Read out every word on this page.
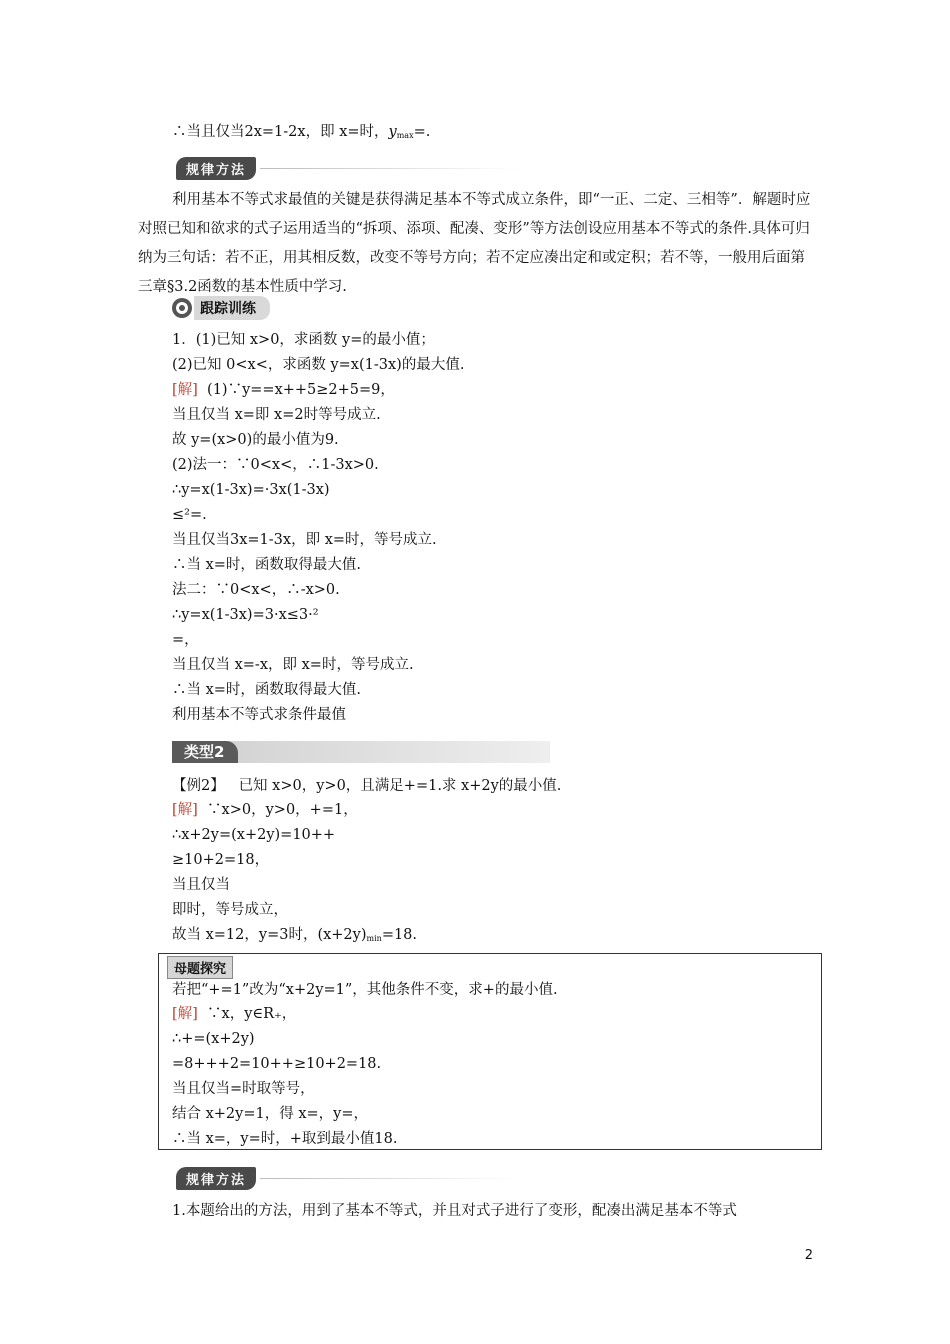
∴当且仅当2x=1-2x，即 x=时，$y_{max}=$.
规律方法
利用基本不等式求最值的关键是获得满足基本不等式成立条件，即“一正、二定、三相等”．解题时应对照已知和欲求的式子运用适当的“拆项、添项、配凑、变形”等方法创设应用基本不等式的条件.具体可归纳为三句话：若不正，用其相反数，改变不等号方向；若不定应凑出定和或定积；若不等，一般用后面第三章§3.2函数的基本性质中学习.
跟踪训练
1．(1)已知 x>0，求函数 y=的最小值；
(2)已知 0<x<，求函数 y=x(1-3x)的最大值.
[解] (1)∵y==x++5≥2+5=9，
当且仅当 x=即 x=2时等号成立.
故 y=(x>0)的最小值为9.
(2)法一：∵0<x<，∴1-3x>0.
∴y=x(1-3x)=·3x(1-3x)
≤²=.
当且仅当3x=1-3x，即 x=时，等号成立.
∴当 x=时，函数取得最大值.
法二：∵0<x<，∴-x>0.
∴y=x(1-3x)=3·x≤3·²
=，
当且仅当 x=-x，即 x=时，等号成立.
∴当 x=时，函数取得最大值.
利用基本不等式求条件最值
类型2
【例2】 已知 x>0，y>0，且满足+=1.求 x+2y的最小值.
[解] ∵x>0，y>0，+=1，
∴x+2y=(x+2y)=10++
≥10+2=18，
当且仅当
即时，等号成立，
故当 x=12，y=3时，$(x+2y)_{min}=18$.
母题探究
若把“+=1”改为“x+2y=1”，其他条件不变，求+的最小值.
[解] ∵x，y∈R₊，
∴+=(x+2y)
=8+++2=10++≥10+2=18.
当且仅当=时取等号，
结合 x+2y=1，得 x=，y=，
∴当 x=，y=时，+取到最小值18.
规律方法
1.本题给出的方法，用到了基本不等式，并且对式子进行了变形，配凑出满足基本不等式
2
